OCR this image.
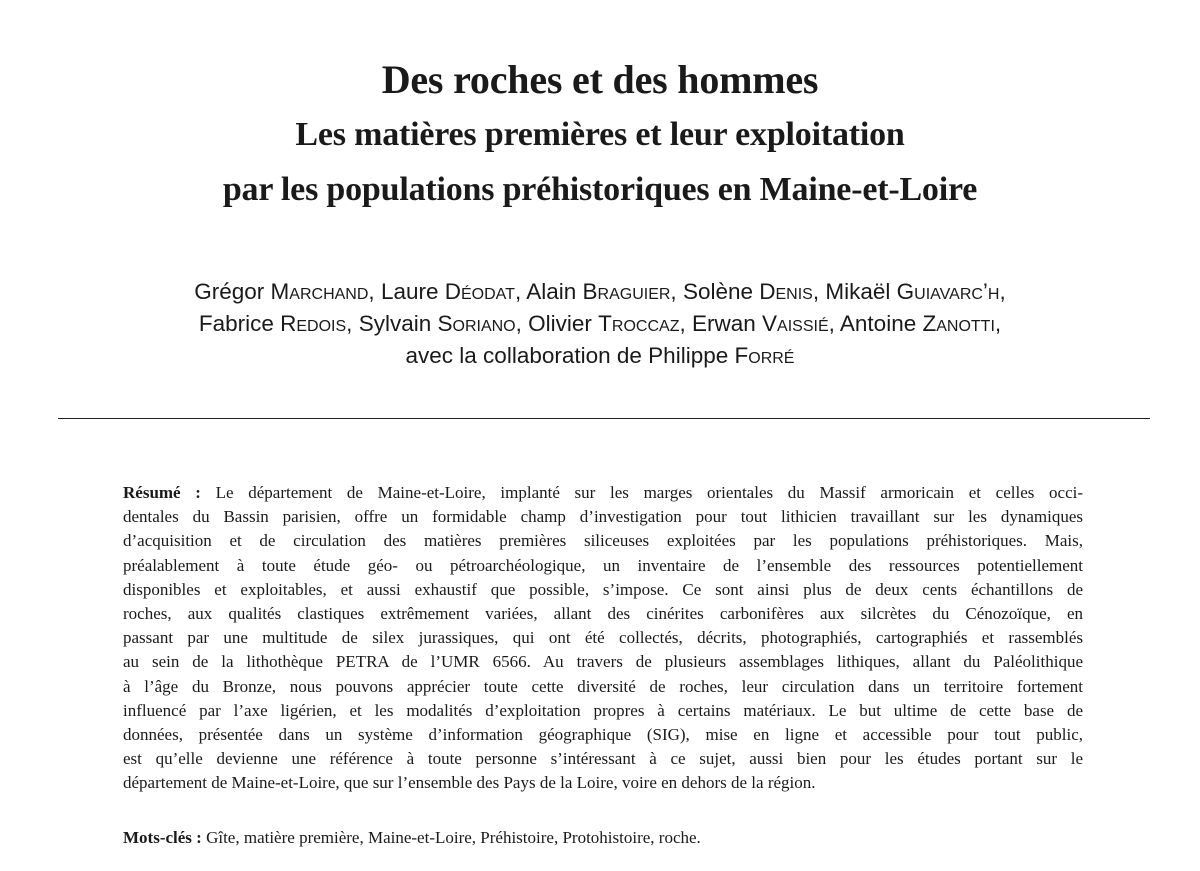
Des roches et des hommes
Les matières premières et leur exploitation
par les populations préhistoriques en Maine-et-Loire
Grégor Marchand, Laure Déodat, Alain Braguier, Solène Denis, Mikaël Guiavarc’h,
Fabrice Redois, Sylvain Soriano, Olivier Troccaz, Erwan Vaissié, Antoine Zanotti,
avec la collaboration de Philippe Forré
Résumé : Le département de Maine-et-Loire, implanté sur les marges orientales du Massif armoricain et celles occi-
dentales du Bassin parisien, offre un formidable champ d’investigation pour tout lithicien travaillant sur les dynamiques
d’acquisition et de circulation des matières premières siliceuses exploitées par les populations préhistoriques. Mais,
préalablement à toute étude géo- ou pétroarchéologique, un inventaire de l’ensemble des ressources potentiellement
disponibles et exploitables, et aussi exhaustif que possible, s’impose. Ce sont ainsi plus de deux cents échantillons de
roches, aux qualités clastiques extrêmement variées, allant des cinérites carbonifères aux silcrètes du Cénozoïque, en
passant par une multitude de silex jurassiques, qui ont été collectés, décrits, photographiés, cartographiés et rassemblés
au sein de la lithothèque PETRA de l’UMR 6566. Au travers de plusieurs assemblages lithiques, allant du Paléolithique
à l’âge du Bronze, nous pouvons apprécier toute cette diversité de roches, leur circulation dans un territoire fortement
influencé par l’axe ligérien, et les modalités d’exploitation propres à certains matériaux. Le but ultime de cette base de
données, présentée dans un système d’information géographique (SIG), mise en ligne et accessible pour tout public,
est qu’elle devienne une référence à toute personne s’intéressant à ce sujet, aussi bien pour les études portant sur le
département de Maine-et-Loire, que sur l’ensemble des Pays de la Loire, voire en dehors de la région.
Mots-clés : Gîte, matière première, Maine-et-Loire, Préhistoire, Protohistoire, roche.
